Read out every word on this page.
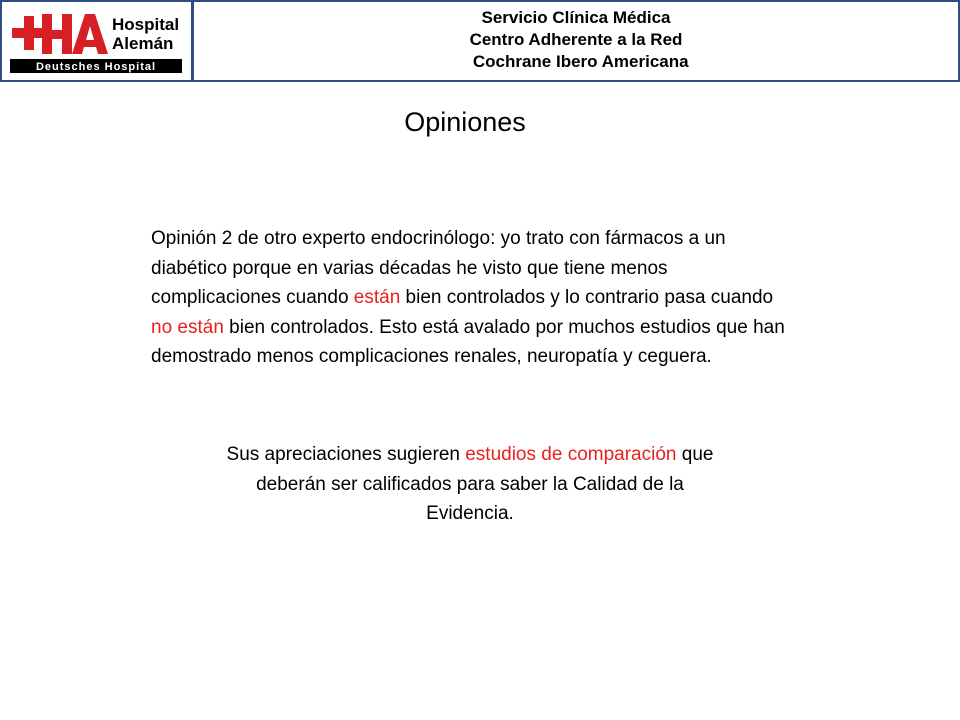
Hospital
Alemán
Deutsches Hospital
Servicio Clínica Médica
Centro Adherente a la Red
Cochrane Ibero Americana
Opiniones
Opinión 2 de otro experto endocrinólogo: yo trato con fármacos a un diabético porque en varias décadas he visto que tiene menos complicaciones cuando están bien controlados y lo contrario pasa cuando no están bien controlados. Esto está avalado por muchos estudios que han demostrado menos complicaciones renales, neuropatía y ceguera.
Sus apreciaciones sugieren estudios de comparación que deberán ser calificados para saber la Calidad de la Evidencia.
